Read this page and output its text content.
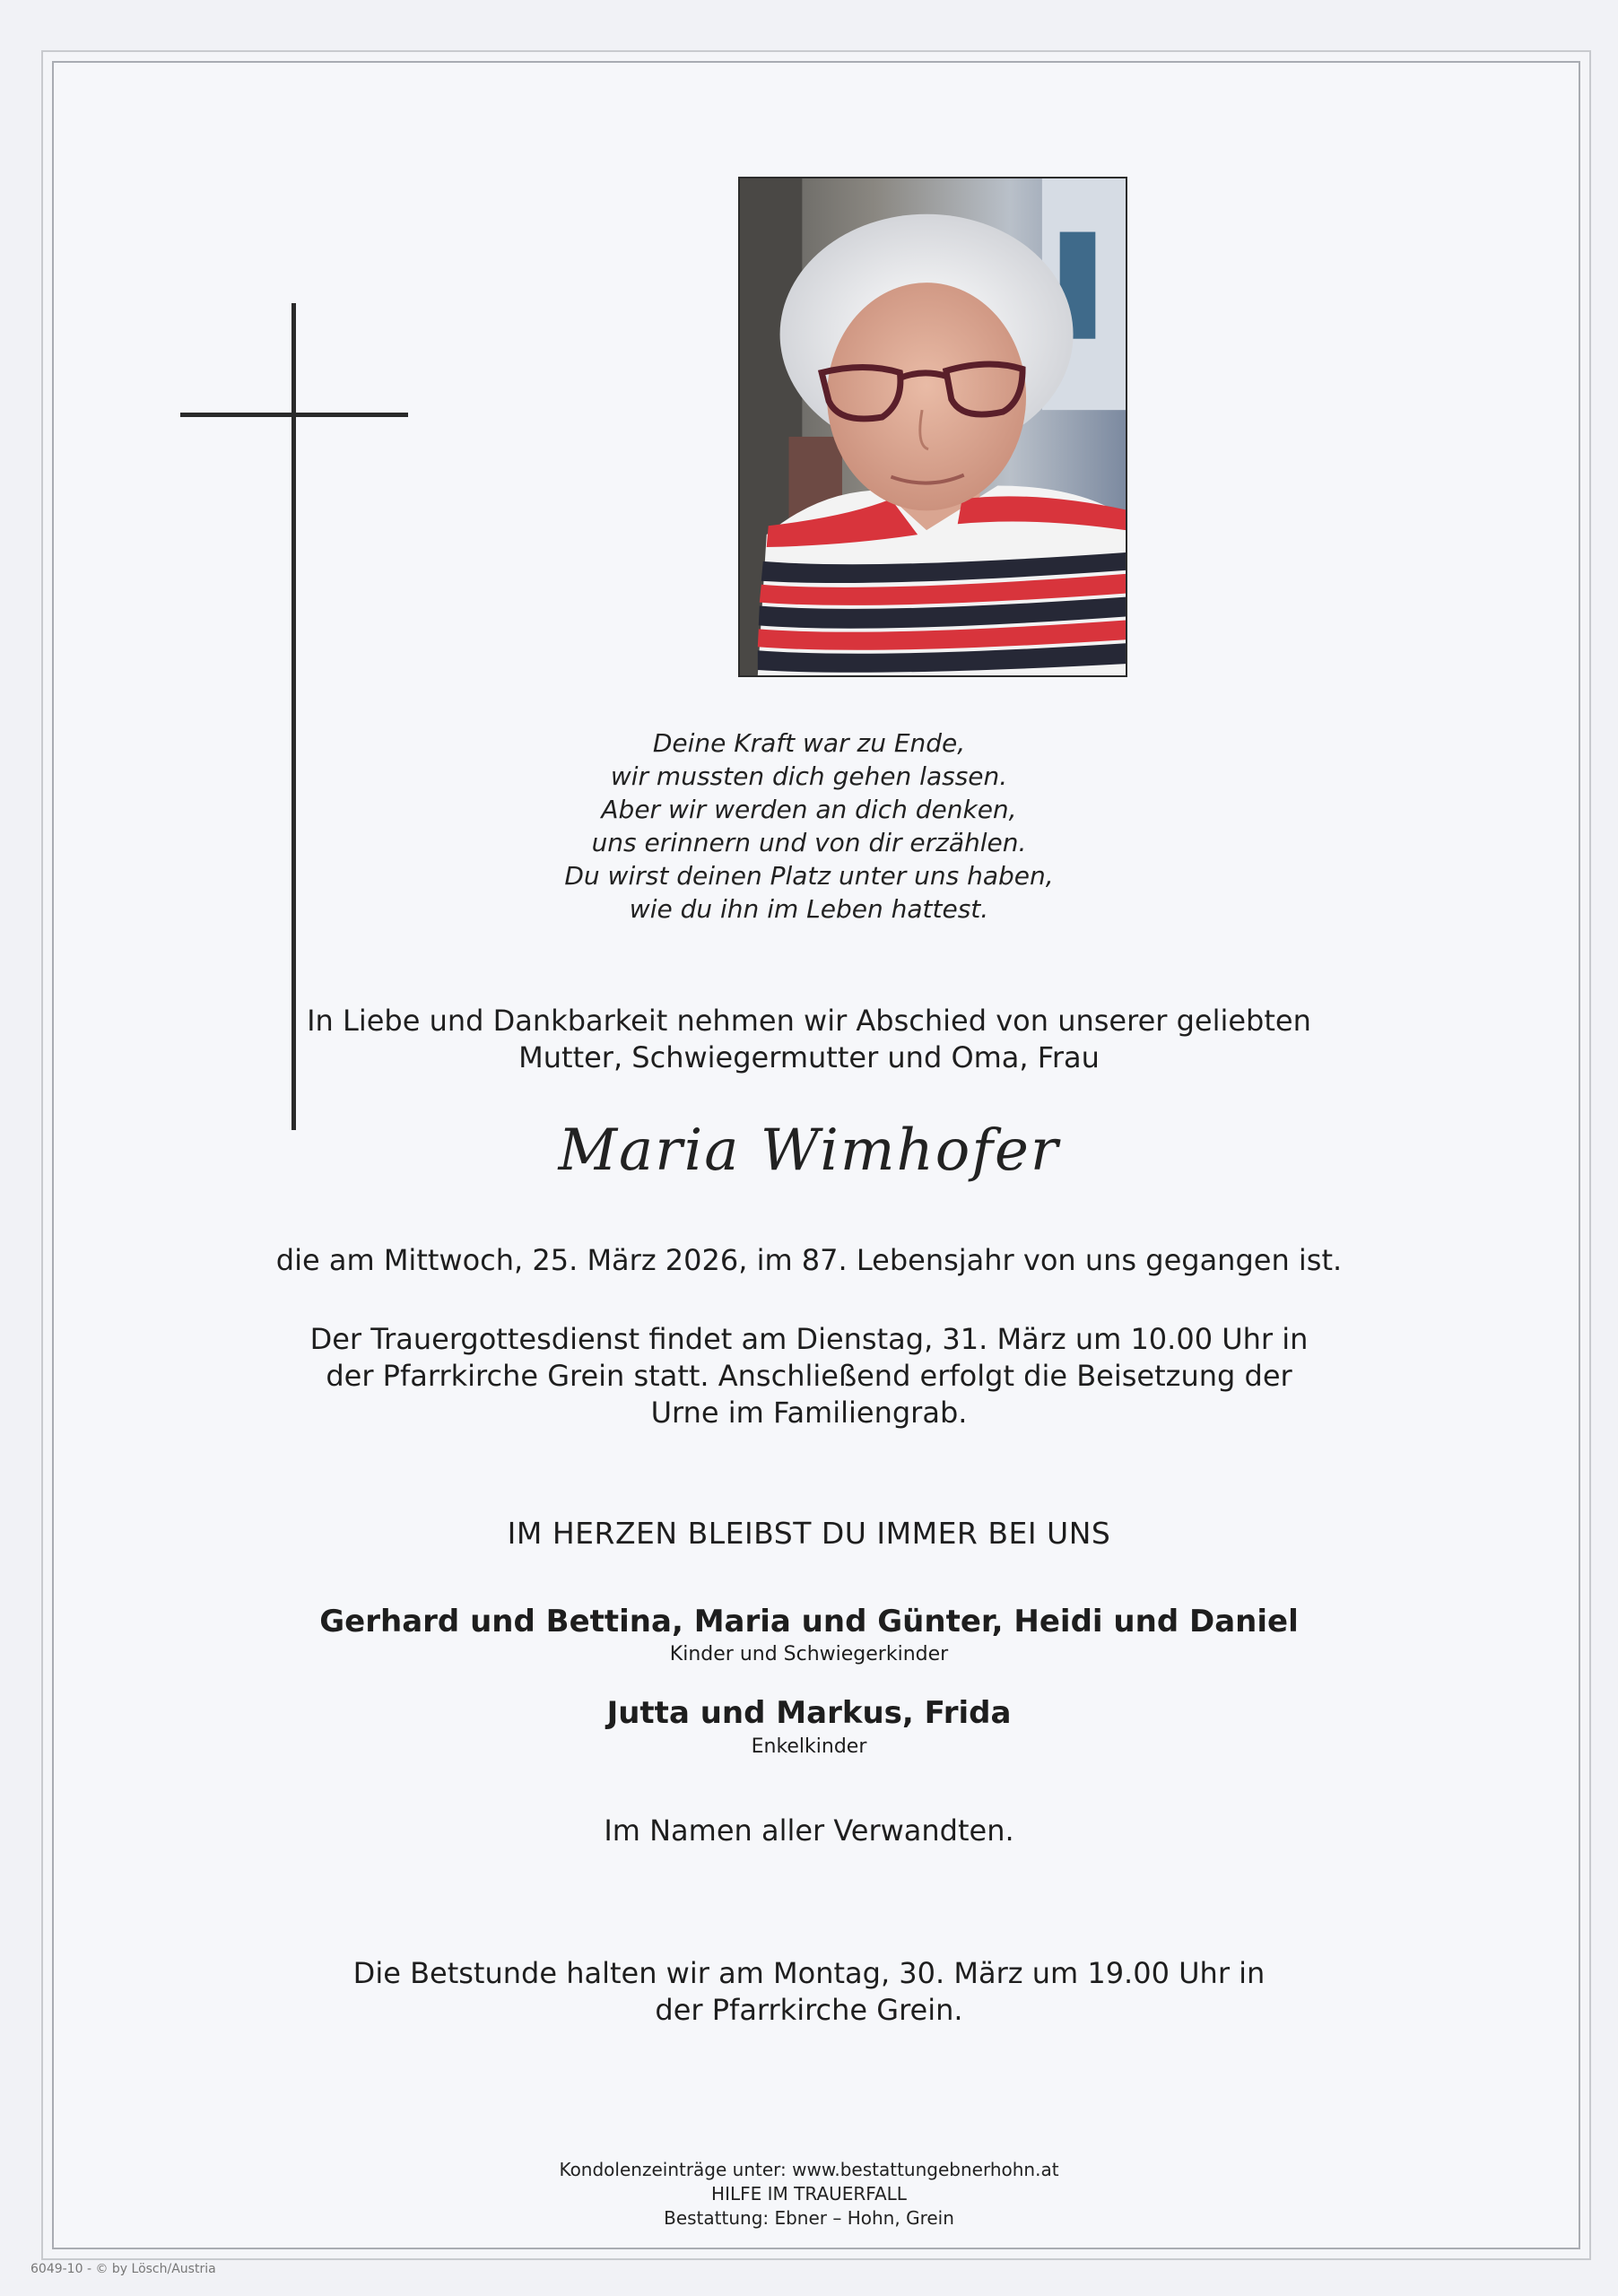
Deine Kraft war zu Ende,
wir mussten dich gehen lassen.
Aber wir werden an dich denken,
uns erinnern und von dir erzählen.
Du wirst deinen Platz unter uns haben,
wie du ihn im Leben hattest.
In Liebe und Dankbarkeit nehmen wir Abschied von unserer geliebten
Mutter, Schwiegermutter und Oma, Frau
Maria Wimhofer
die am Mittwoch, 25. März 2026, im 87. Lebensjahr von uns gegangen ist.
Der Trauergottesdienst findet am Dienstag, 31. März um 10.00 Uhr in
der Pfarrkirche Grein statt. Anschließend erfolgt die Beisetzung der
Urne im Familiengrab.
IM HERZEN BLEIBST DU IMMER BEI UNS
Gerhard und Bettina, Maria und Günter, Heidi und Daniel
Kinder und Schwiegerkinder
Jutta und Markus, Frida
Enkelkinder
Im Namen aller Verwandten.
Die Betstunde halten wir am Montag, 30. März um 19.00 Uhr in
der Pfarrkirche Grein.
Kondolenzeinträge unter: www.bestattungebnerhohn.at
HILFE IM TRAUERFALL
Bestattung: Ebner – Hohn, Grein
6049-10 - © by Lösch/Austria
